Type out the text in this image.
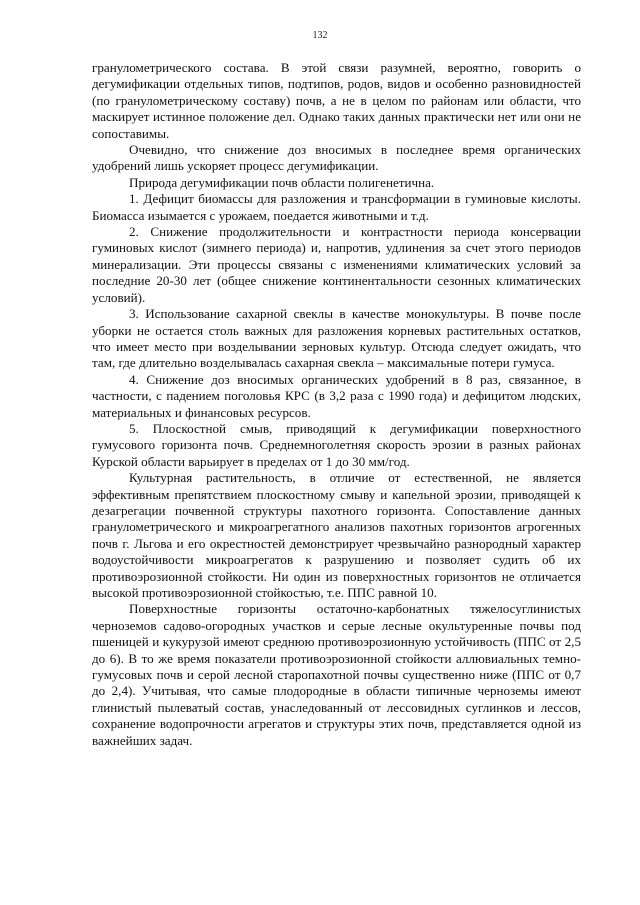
132

гранулометрического состава. В этой связи разумней, вероятно, говорить о дегумификации отдельных типов, подтипов, родов, видов и особенно разновидностей (по гранулометрическому составу) почв, а не в целом по районам или области, что маскирует истинное положение дел. Однако таких данных практически нет или они не сопоставимы.

Очевидно, что снижение доз вносимых в последнее время органических удобрений лишь ускоряет процесс дегумификации.

Природа дегумификации почв области полигенетична.

1. Дефицит биомассы для разложения и трансформации в гуминовые кислоты. Биомасса изымается с урожаем, поедается животными и т.д.

2. Снижение продолжительности и контрастности периода консервации гуминовых кислот (зимнего периода) и, напротив, удлинения за счет этого периодов минерализации. Эти процессы связаны с изменениями климатических условий за последние 20-30 лет (общее снижение континентальности сезонных климатических условий).

3. Использование сахарной свеклы в качестве монокультуры. В почве после уборки не остается столь важных для разложения корневых растительных остатков, что имеет место при возделывании зерновых культур. Отсюда следует ожидать, что там, где длительно возделывалась сахарная свекла – максимальные потери гумуса.

4. Снижение доз вносимых органических удобрений в 8 раз, связанное, в частности, с падением поголовья КРС (в 3,2 раза с 1990 года) и дефицитом людских, материальных и финансовых ресурсов.

5. Плоскостной смыв, приводящий к дегумификации поверхностного гумусового горизонта почв. Среднемноголетняя скорость эрозии в разных районах Курской области варьирует в пределах от 1 до 30 мм/год.

Культурная растительность, в отличие от естественной, не является эффективным препятствием плоскостному смыву и капельной эрозии, приводящей к дезагрегации почвенной структуры пахотного горизонта. Сопоставление данных гранулометрического и микроагрегатного анализов пахотных горизонтов агрогенных почв г. Льгова и его окрестностей демонстрирует чрезвычайно разнородный характер водоустойчивости микроагрегатов к разрушению и позволяет судить об их противоэрозионной стойкости. Ни один из поверхностных горизонтов не отличается высокой противоэрозионной стойкостью, т.е. ППС равной 10.

Поверхностные горизонты остаточно-карбонатных тяжелосуглинистых черноземов садово-огородных участков и серые лесные окультуренные почвы под пшеницей и кукурузой имеют среднюю противоэрозионную устойчивость (ППС от 2,5 до 6). В то же время показатели противоэрозионной стойкости аллювиальных темно-гумусовых почв и серой лесной старопахотной почвы существенно ниже (ППС от 0,7 до 2,4). Учитывая, что самые плодородные в области типичные черноземы имеют глинистый пылеватый состав, унаследованный от лессовидных суглинков и лессов, сохранение водопрочности агрегатов и структуры этих почв, представляется одной из важнейших задач.
